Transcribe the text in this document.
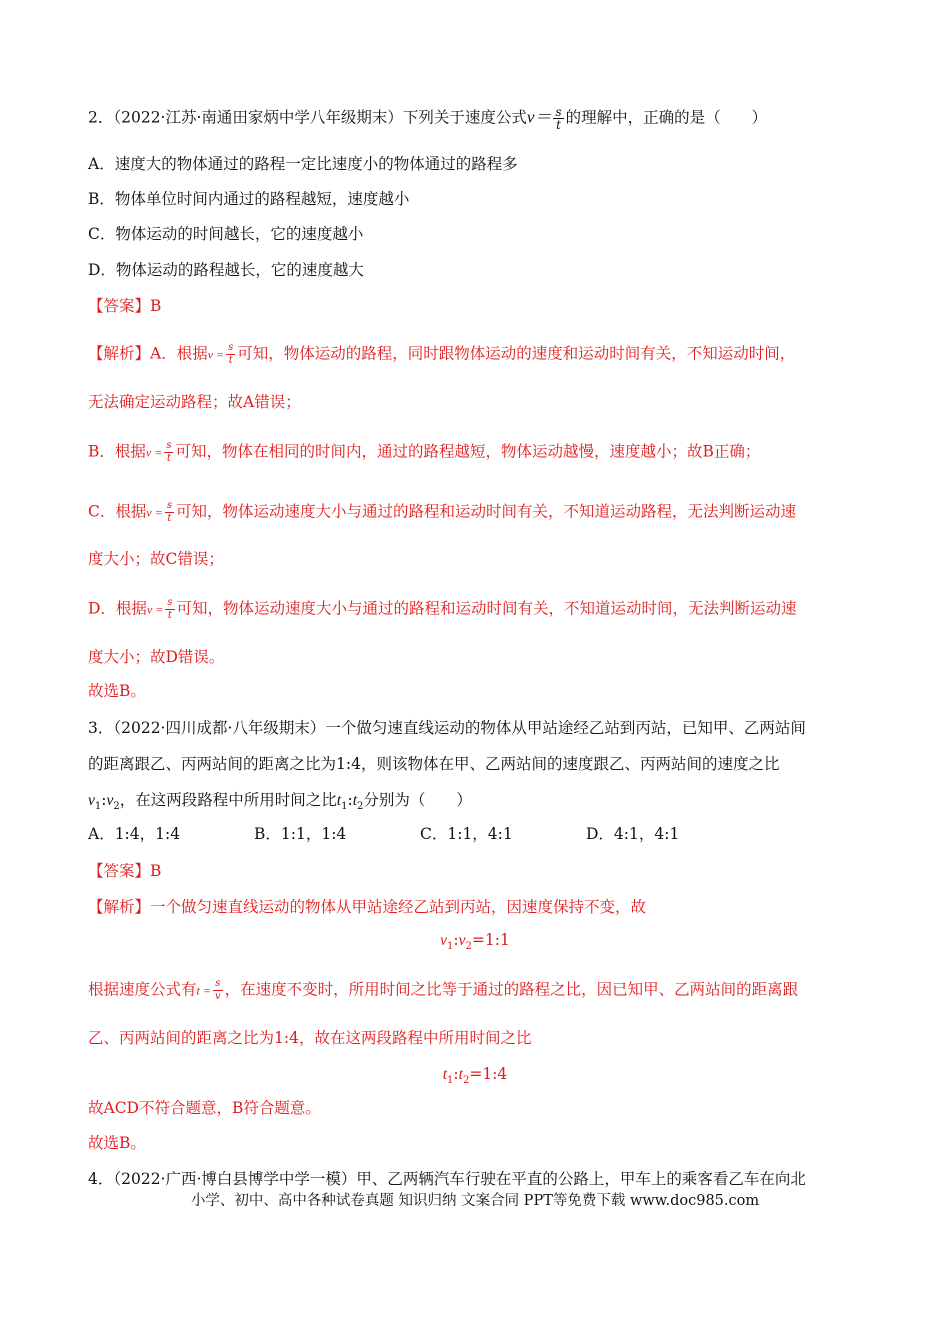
2．（2022·江苏·南通田家炳中学八年级期末）下列关于速度公式$v= \frac{s}{t}$ 的理解中，正确的是（　　）
A．速度大的物体通过的路程一定比速度小的物体通过的路程多
B．物体单位时间内通过的路程越短，速度越小
C．物体运动的时间越长，它的速度越小
D．物体运动的路程越长，它的速度越大
【答案】B
【解析】A．根据$v = \frac{s}{t}$ 可知，物体运动的路程，同时跟物体运动的速度和运动时间有关，不知运动时间，
无法确定运动路程；故A错误；
B．根据$v = \frac{s}{t}$ 可知，物体在相同的时间内，通过的路程越短，物体运动越慢，速度越小；故B正确；
C．根据$v = \frac{s}{t}$ 可知，物体运动速度大小与通过的路程和运动时间有关，不知道运动路程，无法判断运动速
度大小；故C错误；
D．根据$v = \frac{s}{t}$ 可知，物体运动速度大小与通过的路程和运动时间有关，不知道运动时间，无法判断运动速
度大小；故D错误。
故选B。
3．（2022·四川成都·八年级期末）一个做匀速直线运动的物体从甲站途经乙站到丙站，已知甲、乙两站间
的距离跟乙、丙两站间的距离之比为1:4，则该物体在甲、乙两站间的速度跟乙、丙两站间的速度之比
$v_1:v_2$，在这两段路程中所用时间之比$t_1:t_2$分别为（　　）
A．1:4，1:4	B．1:1，1:4	C．1:1，4:1	D．4:1，4:1
【答案】B
【解析】一个做匀速直线运动的物体从甲站途经乙站到丙站，因速度保持不变，故
$v_1:v_2=1:1$
根据速度公式有$t = \frac{s}{v}$ ，在速度不变时，所用时间之比等于通过的路程之比，因已知甲、乙两站间的距离跟
乙、丙两站间的距离之比为1:4，故在这两段路程中所用时间之比
$t_1:t_2=1:4$
故ACD不符合题意，B符合题意。
故选B。
4．（2022·广西·博白县博学中学一模）甲、乙两辆汽车行驶在平直的公路上，甲车上的乘客看乙车在向北
小学、初中、高中各种试卷真题 知识归纳 文案合同 PPT等免费下载 www.doc985.com
